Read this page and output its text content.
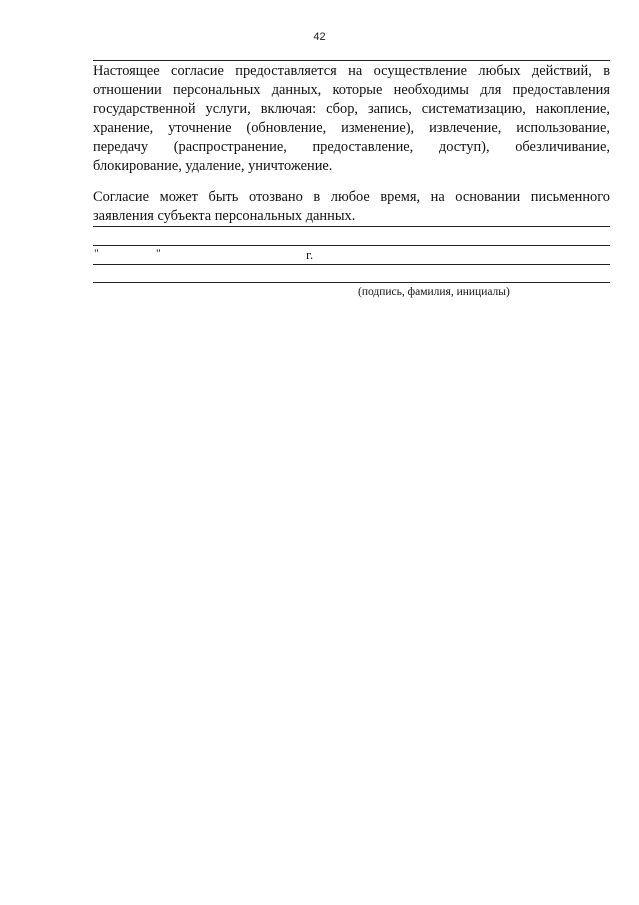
42

Настоящее согласие предоставляется на осуществление любых действий, в отношении персональных данных, которые необходимы для предоставления государственной услуги, включая: сбор, запись, систематизацию, накопление, хранение, уточнение (обновление, изменение), извлечение, использование, передачу (распространение, предоставление, доступ), обезличивание, блокирование, удаление, уничтожение.

Согласие может быть отозвано в любое время, на основании письменного заявления субъекта персональных данных.

"	"	г.
(подпись, фамилия, инициалы)
